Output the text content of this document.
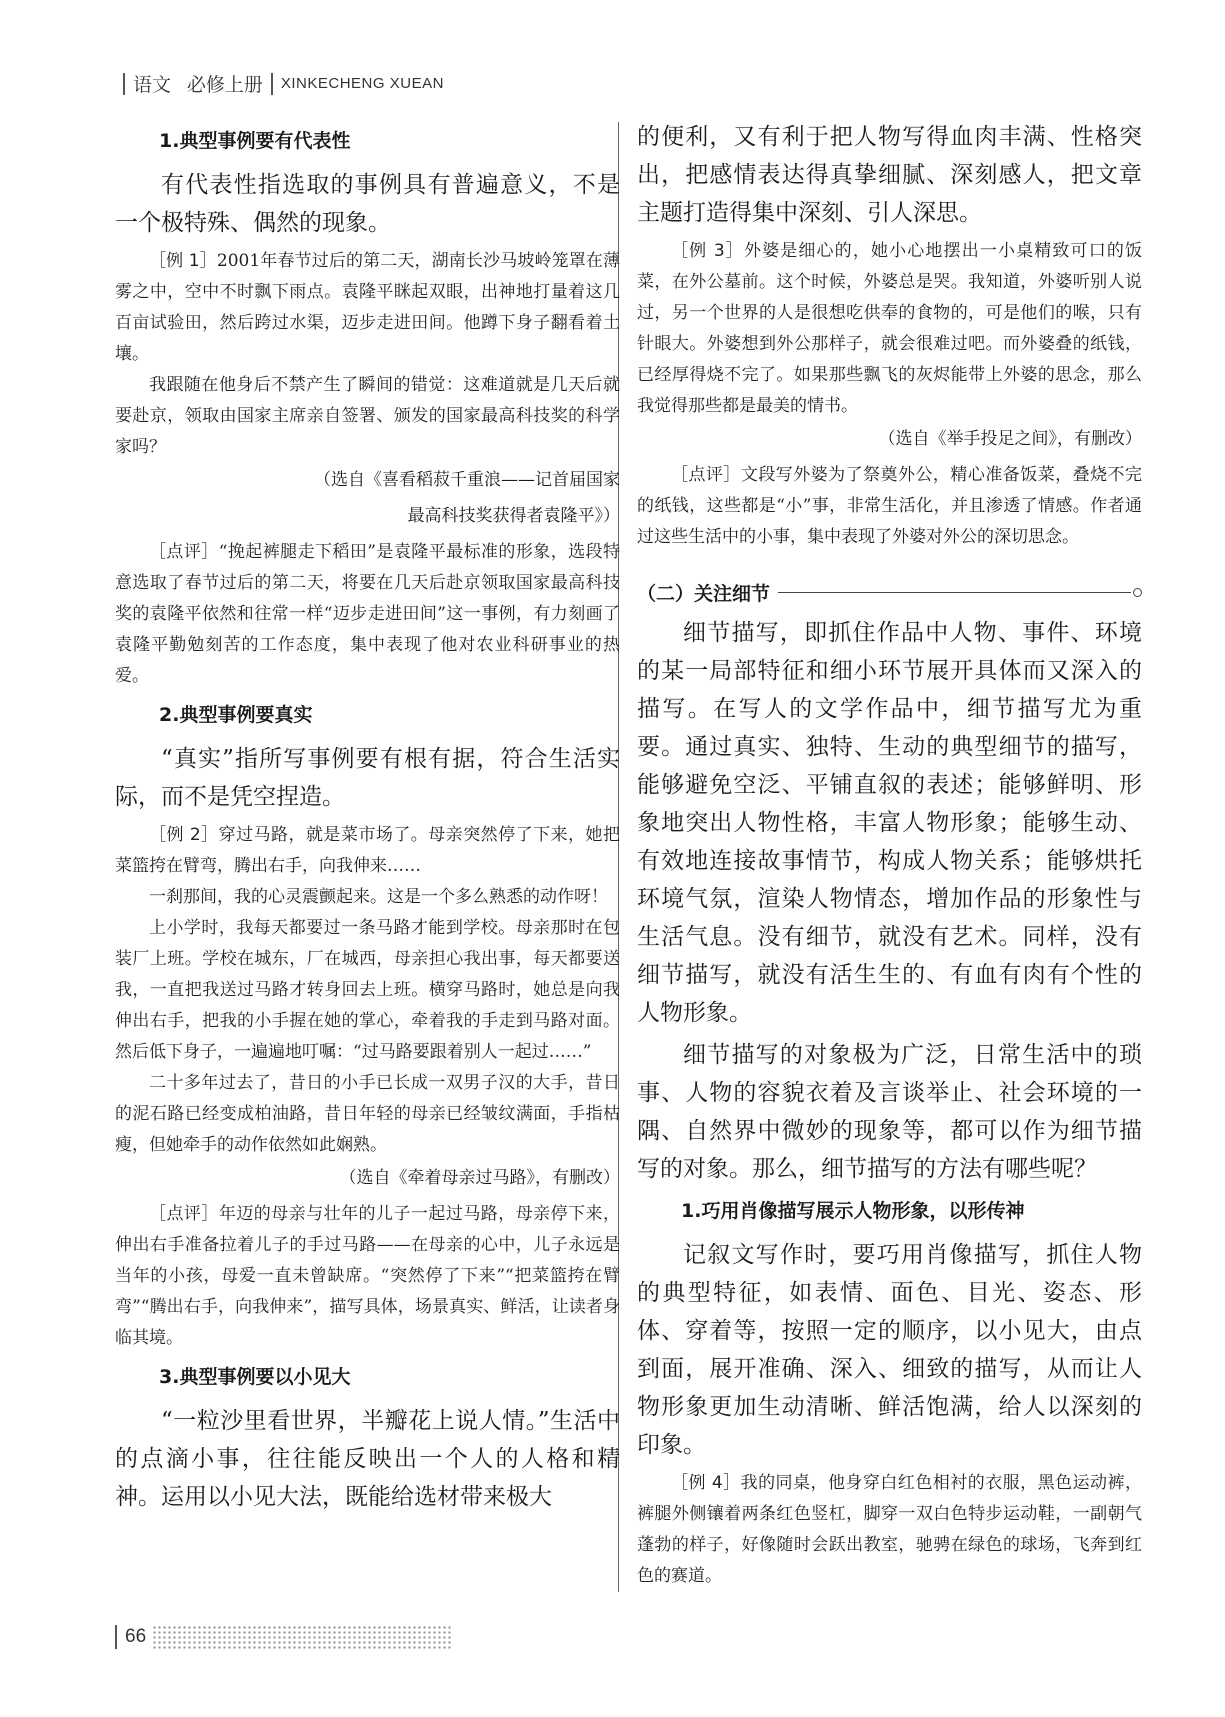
语文
必修上册 XINKECHENG XUEAN
1.典型事例要有代表性

有代表性指选取的事例具有普遍意义，不是一个极特殊、偶然的现象。

［例 1］2001年春节过后的第二天，湖南长沙马坡岭笼罩在薄雾之中，空中不时飘下雨点。袁隆平眯起双眼，出神地打量着这几百亩试验田，然后跨过水渠，迈步走进田间。他蹲下身子翻看着土壤。

我跟随在他身后不禁产生了瞬间的错觉：这难道就是几天后就要赴京，领取由国家主席亲自签署、颁发的国家最高科技奖的科学家吗？

（选自《喜看稻菽千重浪——记首届国家

最高科技奖获得者袁隆平》）

［点评］“挽起裤腿走下稻田”是袁隆平最标准的形象，选段特意选取了春节过后的第二天，将要在几天后赴京领取国家最高科技奖的袁隆平依然和往常一样“迈步走进田间”这一事例，有力刻画了袁隆平勤勉刻苦的工作态度，集中表现了他对农业科研事业的热爱。

2.典型事例要真实

“真实”指所写事例要有根有据，符合生活实际，而不是凭空捏造。

［例 2］穿过马路，就是菜市场了。母亲突然停了下来，她把菜篮挎在臂弯，腾出右手，向我伸来……

一刹那间，我的心灵震颤起来。这是一个多么熟悉的动作呀！

上小学时，我每天都要过一条马路才能到学校。母亲那时在包装厂上班。学校在城东，厂在城西，母亲担心我出事，每天都要送我，一直把我送过马路才转身回去上班。横穿马路时，她总是向我伸出右手，把我的小手握在她的掌心，牵着我的手走到马路对面。然后低下身子，一遍遍地叮嘱：“过马路要跟着别人一起过……”

二十多年过去了，昔日的小手已长成一双男子汉的大手，昔日的泥石路已经变成柏油路，昔日年轻的母亲已经皱纹满面，手指枯瘦，但她牵手的动作依然如此娴熟。

（选自《牵着母亲过马路》，有删改）

［点评］年迈的母亲与壮年的儿子一起过马路，母亲停下来，伸出右手准备拉着儿子的手过马路——在母亲的心中，儿子永远是当年的小孩，母爱一直未曾缺席。“突然停了下来”“把菜篮挎在臂弯”“腾出右手，向我伸来”，描写具体，场景真实、鲜活，让读者身临其境。

3.典型事例要以小见大

“一粒沙里看世界，半瓣花上说人情。”生活中的点滴小事，往往能反映出一个人的人格和精神。运用以小见大法，既能给选材带来极大

的便利，又有利于把人物写得血肉丰满、性格突出，把感情表达得真挚细腻、深刻感人，把文章主题打造得集中深刻、引人深思。

［例 3］外婆是细心的，她小心地摆出一小桌精致可口的饭菜，在外公墓前。这个时候，外婆总是哭。我知道，外婆听别人说过，另一个世界的人是很想吃供奉的食物的，可是他们的喉，只有针眼大。外婆想到外公那样子，就会很难过吧。而外婆叠的纸钱，已经厚得烧不完了。如果那些飘飞的灰烬能带上外婆的思念，那么我觉得那些都是最美的情书。

（选自《举手投足之间》，有删改）

［点评］文段写外婆为了祭奠外公，精心准备饭菜，叠烧不完的纸钱，这些都是“小”事，非常生活化，并且渗透了情感。作者通过这些生活中的小事，集中表现了外婆对外公的深切思念。

（二）关注细节

细节描写，即抓住作品中人物、事件、环境的某一局部特征和细小环节展开具体而又深入的描写。在写人的文学作品中，细节描写尤为重要。通过真实、独特、生动的典型细节的描写，能够避免空泛、平铺直叙的表述；能够鲜明、形象地突出人物性格，丰富人物形象；能够生动、有效地连接故事情节，构成人物关系；能够烘托环境气氛，渲染人物情态，增加作品的形象性与生活气息。没有细节，就没有艺术。同样，没有细节描写，就没有活生生的、有血有肉有个性的人物形象。

细节描写的对象极为广泛，日常生活中的琐事、人物的容貌衣着及言谈举止、社会环境的一隅、自然界中微妙的现象等，都可以作为细节描写的对象。那么，细节描写的方法有哪些呢？

1.巧用肖像描写展示人物形象，以形传神

记叙文写作时，要巧用肖像描写，抓住人物的典型特征，如表情、面色、目光、姿态、形体、穿着等，按照一定的顺序，以小见大，由点到面，展开准确、深入、细致的描写，从而让人物形象更加生动清晰、鲜活饱满，给人以深刻的印象。

［例 4］我的同桌，他身穿白红色相衬的衣服，黑色运动裤，裤腿外侧镶着两条红色竖杠，脚穿一双白色特步运动鞋，一副朝气蓬勃的样子，好像随时会跃出教室，驰骋在绿色的球场，飞奔到红色的赛道。

66
